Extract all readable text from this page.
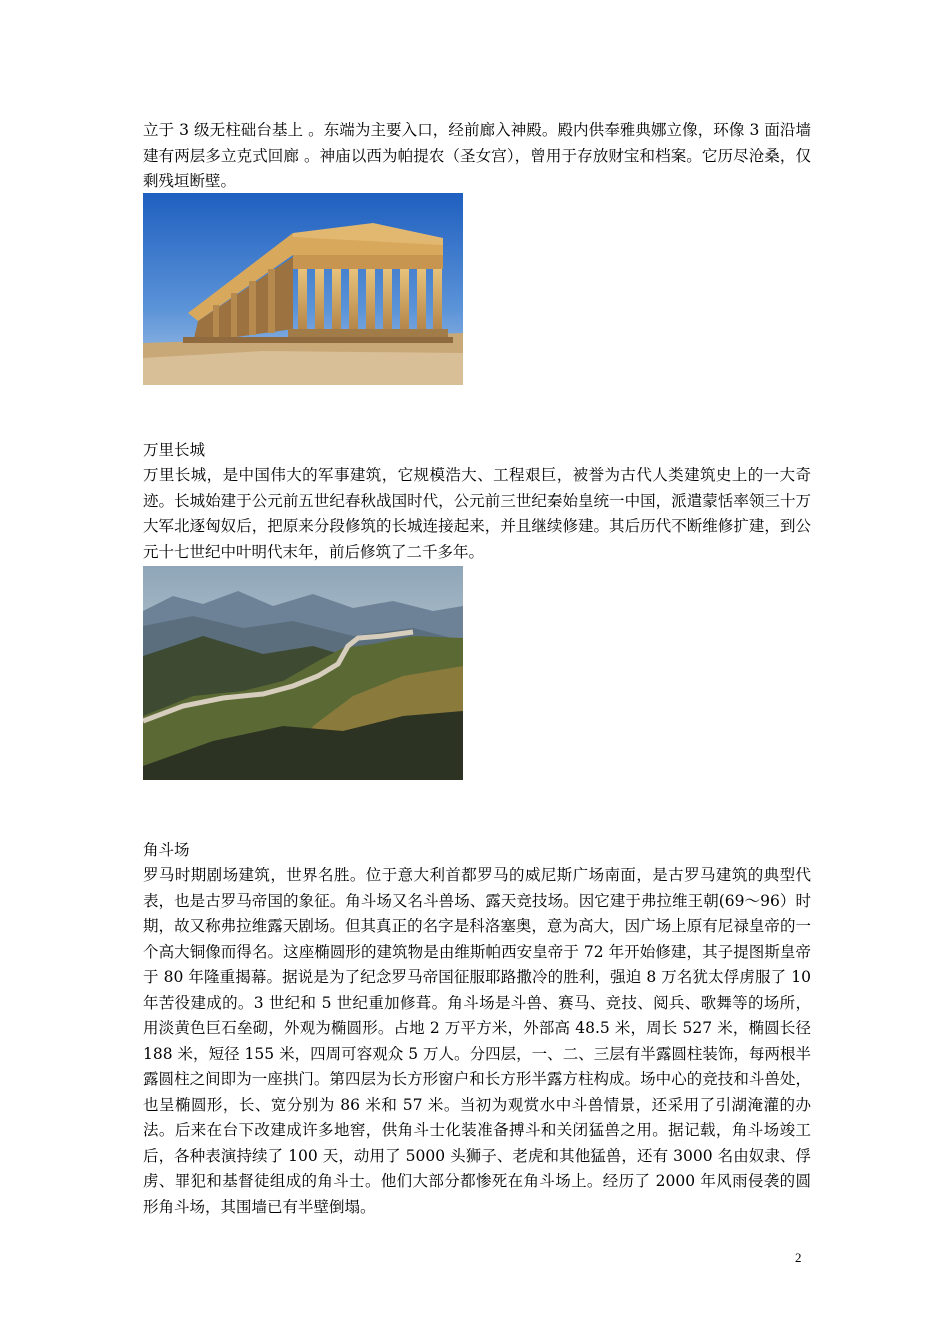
立于 3 级无柱础台基上 。东端为主要入口，经前廊入神殿。殿内供奉雅典娜立像，环像 3 面沿墙建有两层多立克式回廊 。神庙以西为帕提农（圣女宫），曾用于存放财宝和档案。它历尽沧桑，仅剩残垣断壁。
万里长城
万里长城，是中国伟大的军事建筑，它规模浩大、工程艰巨，被誉为古代人类建筑史上的一大奇迹。长城始建于公元前五世纪春秋战国时代，公元前三世纪秦始皇统一中国，派遣蒙恬率领三十万大军北逐匈奴后，把原来分段修筑的长城连接起来，并且继续修建。其后历代不断维修扩建，到公元十七世纪中叶明代末年，前后修筑了二千多年。
角斗场
罗马时期剧场建筑，世界名胜。位于意大利首都罗马的威尼斯广场南面，是古罗马建筑的典型代表，也是古罗马帝国的象征。角斗场又名斗兽场、露天竞技场。因它建于弗拉维王朝(69～96）时期，故又称弗拉维露天剧场。但其真正的名字是科洛塞奥，意为高大，因广场上原有尼禄皇帝的一个高大铜像而得名。这座椭圆形的建筑物是由维斯帕西安皇帝于 72 年开始修建，其子提图斯皇帝于 80 年隆重揭幕。据说是为了纪念罗马帝国征服耶路撒冷的胜利，强迫 8 万名犹太俘虏服了 10 年苦役建成的。3 世纪和 5 世纪重加修葺。角斗场是斗兽、赛马、竞技、阅兵、歌舞等的场所，用淡黄色巨石垒砌，外观为椭圆形。占地 2 万平方米，外部高 48.5 米，周长 527 米，椭圆长径 188 米，短径 155 米，四周可容观众 5 万人。分四层，一、二、三层有半露圆柱装饰，每两根半露圆柱之间即为一座拱门。第四层为长方形窗户和长方形半露方柱构成。场中心的竞技和斗兽处，也呈椭圆形，长、宽分别为 86 米和 57 米。当初为观赏水中斗兽情景，还采用了引湖淹灌的办法。后来在台下改建成许多地窖，供角斗士化装准备搏斗和关闭猛兽之用。据记载，角斗场竣工后，各种表演持续了 100 天，动用了 5000 头狮子、老虎和其他猛兽，还有 3000 名由奴隶、俘虏、罪犯和基督徒组成的角斗士。他们大部分都惨死在角斗场上。经历了 2000 年风雨侵袭的圆形角斗场，其围墙已有半壁倒塌。
2
